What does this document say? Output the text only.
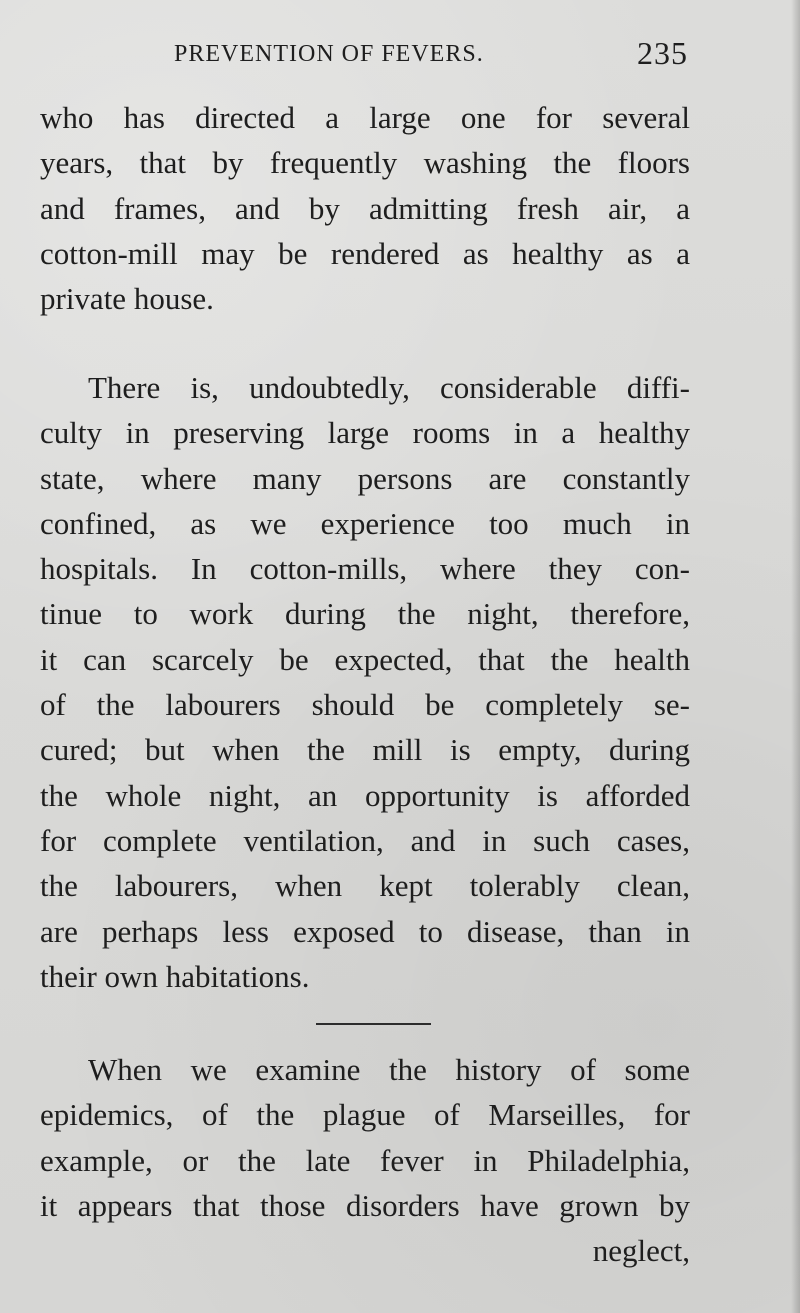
PREVENTION OF FEVERS.	235
who has directed a large one for several
years, that by frequently washing the floors
and frames, and by admitting fresh air, a
cotton-mill may be rendered as healthy as a
private house.
There is, undoubtedly, considerable diffi-
culty in preserving large rooms in a healthy
state, where many persons are constantly
confined, as we experience too much in
hospitals. In cotton-mills, where they con-
tinue to work during the night, therefore,
it can scarcely be expected, that the health
of the labourers should be completely se-
cured; but when the mill is empty, during
the whole night, an opportunity is afforded
for complete ventilation, and in such cases,
the labourers, when kept tolerably clean,
are perhaps less exposed to disease, than in
their own habitations.
When we examine the history of some
epidemics, of the plague of Marseilles, for
example, or the late fever in Philadelphia,
it appears that those disorders have grown by
neglect,
